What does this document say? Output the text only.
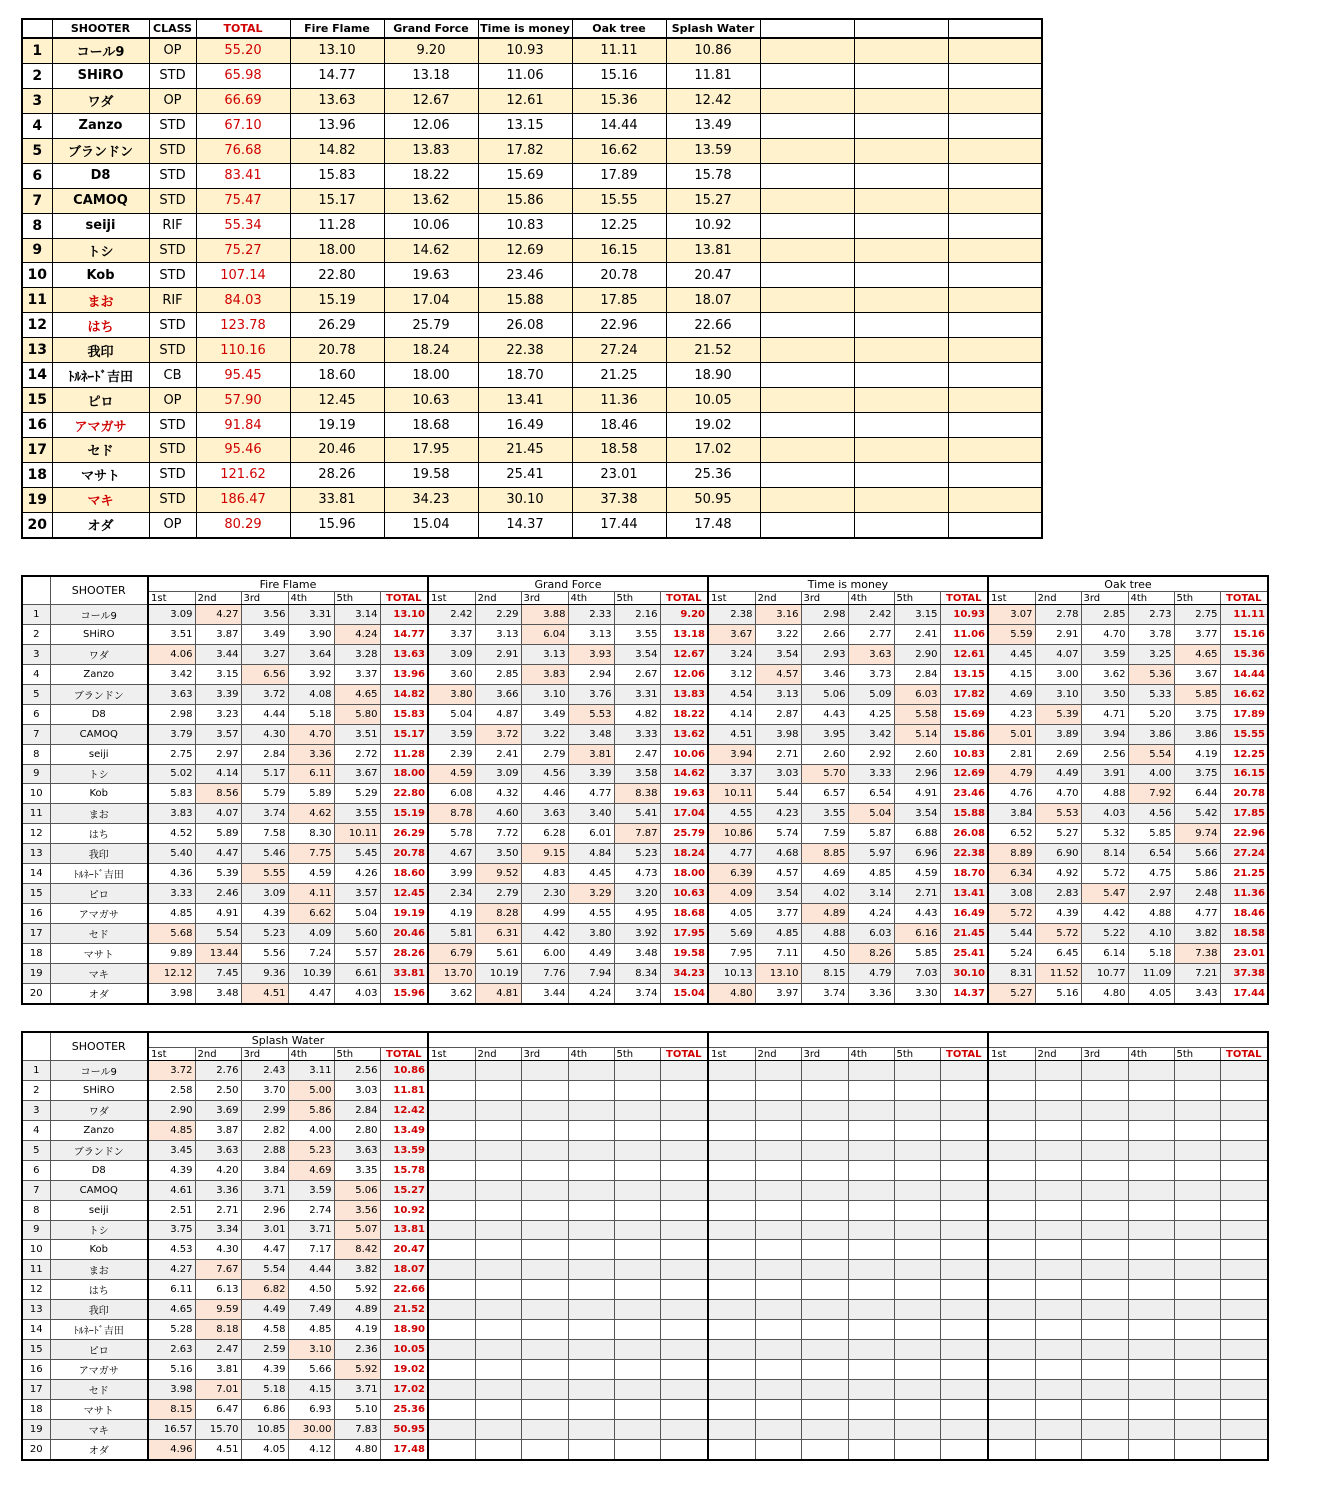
	SHOOTER	CLASS	TOTAL	Fire Flame	Grand Force	Time is money	Oak tree	Splash Water			
1	コール9	OP	55.20	13.10	9.20	10.93	11.11	10.86			
2	SHiRO	STD	65.98	14.77	13.18	11.06	15.16	11.81			
3	ワダ	OP	66.69	13.63	12.67	12.61	15.36	12.42			
4	Zanzo	STD	67.10	13.96	12.06	13.15	14.44	13.49			
5	ブランドン	STD	76.68	14.82	13.83	17.82	16.62	13.59			
6	D8	STD	83.41	15.83	18.22	15.69	17.89	15.78			
7	CAMOQ	STD	75.47	15.17	13.62	15.86	15.55	15.27			
8	seiji	RIF	55.34	11.28	10.06	10.83	12.25	10.92			
9	トシ	STD	75.27	18.00	14.62	12.69	16.15	13.81			
10	Kob	STD	107.14	22.80	19.63	23.46	20.78	20.47			
11	まお	RIF	84.03	15.19	17.04	15.88	17.85	18.07			
12	はち	STD	123.78	26.29	25.79	26.08	22.96	22.66			
13	我印	STD	110.16	20.78	18.24	22.38	27.24	21.52			
14	ﾄﾙﾈｰﾄﾞ吉田	CB	95.45	18.60	18.00	18.70	21.25	18.90			
15	ピロ	OP	57.90	12.45	10.63	13.41	11.36	10.05			
16	アマガサ	STD	91.84	19.19	18.68	16.49	18.46	19.02			
17	セド	STD	95.46	20.46	17.95	21.45	18.58	17.02			
18	マサト	STD	121.62	28.26	19.58	25.41	23.01	25.36			
19	マキ	STD	186.47	33.81	34.23	30.10	37.38	50.95			
20	オダ	OP	80.29	15.96	15.04	14.37	17.44	17.48			
	SHOOTER	Fire Flame						Grand Force						Time is money						Oak tree					
		1st	2nd	3rd	4th	5th	TOTAL	1st	2nd	3rd	4th	5th	TOTAL	1st	2nd	3rd	4th	5th	TOTAL	1st	2nd	3rd	4th	5th	TOTAL
1	コール9	3.09	4.27	3.56	3.31	3.14	13.10	2.42	2.29	3.88	2.33	2.16	9.20	2.38	3.16	2.98	2.42	3.15	10.93	3.07	2.78	2.85	2.73	2.75	11.11
2	SHiRO	3.51	3.87	3.49	3.90	4.24	14.77	3.37	3.13	6.04	3.13	3.55	13.18	3.67	3.22	2.66	2.77	2.41	11.06	5.59	2.91	4.70	3.78	3.77	15.16
3	ワダ	4.06	3.44	3.27	3.64	3.28	13.63	3.09	2.91	3.13	3.93	3.54	12.67	3.24	3.54	2.93	3.63	2.90	12.61	4.45	4.07	3.59	3.25	4.65	15.36
4	Zanzo	3.42	3.15	6.56	3.92	3.37	13.96	3.60	2.85	3.83	2.94	2.67	12.06	3.12	4.57	3.46	3.73	2.84	13.15	4.15	3.00	3.62	5.36	3.67	14.44
5	ブランドン	3.63	3.39	3.72	4.08	4.65	14.82	3.80	3.66	3.10	3.76	3.31	13.83	4.54	3.13	5.06	5.09	6.03	17.82	4.69	3.10	3.50	5.33	5.85	16.62
6	D8	2.98	3.23	4.44	5.18	5.80	15.83	5.04	4.87	3.49	5.53	4.82	18.22	4.14	2.87	4.43	4.25	5.58	15.69	4.23	5.39	4.71	5.20	3.75	17.89
7	CAMOQ	3.79	3.57	4.30	4.70	3.51	15.17	3.59	3.72	3.22	3.48	3.33	13.62	4.51	3.98	3.95	3.42	5.14	15.86	5.01	3.89	3.94	3.86	3.86	15.55
8	seiji	2.75	2.97	2.84	3.36	2.72	11.28	2.39	2.41	2.79	3.81	2.47	10.06	3.94	2.71	2.60	2.92	2.60	10.83	2.81	2.69	2.56	5.54	4.19	12.25
9	トシ	5.02	4.14	5.17	6.11	3.67	18.00	4.59	3.09	4.56	3.39	3.58	14.62	3.37	3.03	5.70	3.33	2.96	12.69	4.79	4.49	3.91	4.00	3.75	16.15
10	Kob	5.83	8.56	5.79	5.89	5.29	22.80	6.08	4.32	4.46	4.77	8.38	19.63	10.11	5.44	6.57	6.54	4.91	23.46	4.76	4.70	4.88	7.92	6.44	20.78
11	まお	3.83	4.07	3.74	4.62	3.55	15.19	8.78	4.60	3.63	3.40	5.41	17.04	4.55	4.23	3.55	5.04	3.54	15.88	3.84	5.53	4.03	4.56	5.42	17.85
12	はち	4.52	5.89	7.58	8.30	10.11	26.29	5.78	7.72	6.28	6.01	7.87	25.79	10.86	5.74	7.59	5.87	6.88	26.08	6.52	5.27	5.32	5.85	9.74	22.96
13	我印	5.40	4.47	5.46	7.75	5.45	20.78	4.67	3.50	9.15	4.84	5.23	18.24	4.77	4.68	8.85	5.97	6.96	22.38	8.89	6.90	8.14	6.54	5.66	27.24
14	ﾄﾙﾈｰﾄﾞ吉田	4.36	5.39	5.55	4.59	4.26	18.60	3.99	9.52	4.83	4.45	4.73	18.00	6.39	4.57	4.69	4.85	4.59	18.70	6.34	4.92	5.72	4.75	5.86	21.25
15	ピロ	3.33	2.46	3.09	4.11	3.57	12.45	2.34	2.79	2.30	3.29	3.20	10.63	4.09	3.54	4.02	3.14	2.71	13.41	3.08	2.83	5.47	2.97	2.48	11.36
16	アマガサ	4.85	4.91	4.39	6.62	5.04	19.19	4.19	8.28	4.99	4.55	4.95	18.68	4.05	3.77	4.89	4.24	4.43	16.49	5.72	4.39	4.42	4.88	4.77	18.46
17	セド	5.68	5.54	5.23	4.09	5.60	20.46	5.81	6.31	4.42	3.80	3.92	17.95	5.69	4.85	4.88	6.03	6.16	21.45	5.44	5.72	5.22	4.10	3.82	18.58
18	マサト	9.89	13.44	5.56	7.24	5.57	28.26	6.79	5.61	6.00	4.49	3.48	19.58	7.95	7.11	4.50	8.26	5.85	25.41	5.24	6.45	6.14	5.18	7.38	23.01
19	マキ	12.12	7.45	9.36	10.39	6.61	33.81	13.70	10.19	7.76	7.94	8.34	34.23	10.13	13.10	8.15	4.79	7.03	30.10	8.31	11.52	10.77	11.09	7.21	37.38
20	オダ	3.98	3.48	4.51	4.47	4.03	15.96	3.62	4.81	3.44	4.24	3.74	15.04	4.80	3.97	3.74	3.36	3.30	14.37	5.27	5.16	4.80	4.05	3.43	17.44
	SHOOTER	Splash Water																							
		1st	2nd	3rd	4th	5th	TOTAL	1st	2nd	3rd	4th	5th	TOTAL	1st	2nd	3rd	4th	5th	TOTAL	1st	2nd	3rd	4th	5th	TOTAL
1	コール9	3.72	2.76	2.43	3.11	2.56	10.86																		
2	SHiRO	2.58	2.50	3.70	5.00	3.03	11.81																		
3	ワダ	2.90	3.69	2.99	5.86	2.84	12.42																		
4	Zanzo	4.85	3.87	2.82	4.00	2.80	13.49																		
5	ブランドン	3.45	3.63	2.88	5.23	3.63	13.59																		
6	D8	4.39	4.20	3.84	4.69	3.35	15.78																		
7	CAMOQ	4.61	3.36	3.71	3.59	5.06	15.27																		
8	seiji	2.51	2.71	2.96	2.74	3.56	10.92																		
9	トシ	3.75	3.34	3.01	3.71	5.07	13.81																		
10	Kob	4.53	4.30	4.47	7.17	8.42	20.47																		
11	まお	4.27	7.67	5.54	4.44	3.82	18.07																		
12	はち	6.11	6.13	6.82	4.50	5.92	22.66																		
13	我印	4.65	9.59	4.49	7.49	4.89	21.52																		
14	ﾄﾙﾈｰﾄﾞ吉田	5.28	8.18	4.58	4.85	4.19	18.90																		
15	ピロ	2.63	2.47	2.59	3.10	2.36	10.05																		
16	アマガサ	5.16	3.81	4.39	5.66	5.92	19.02																		
17	セド	3.98	7.01	5.18	4.15	3.71	17.02																		
18	マサト	8.15	6.47	6.86	6.93	5.10	25.36																		
19	マキ	16.57	15.70	10.85	30.00	7.83	50.95																		
20	オダ	4.96	4.51	4.05	4.12	4.80	17.48																		
